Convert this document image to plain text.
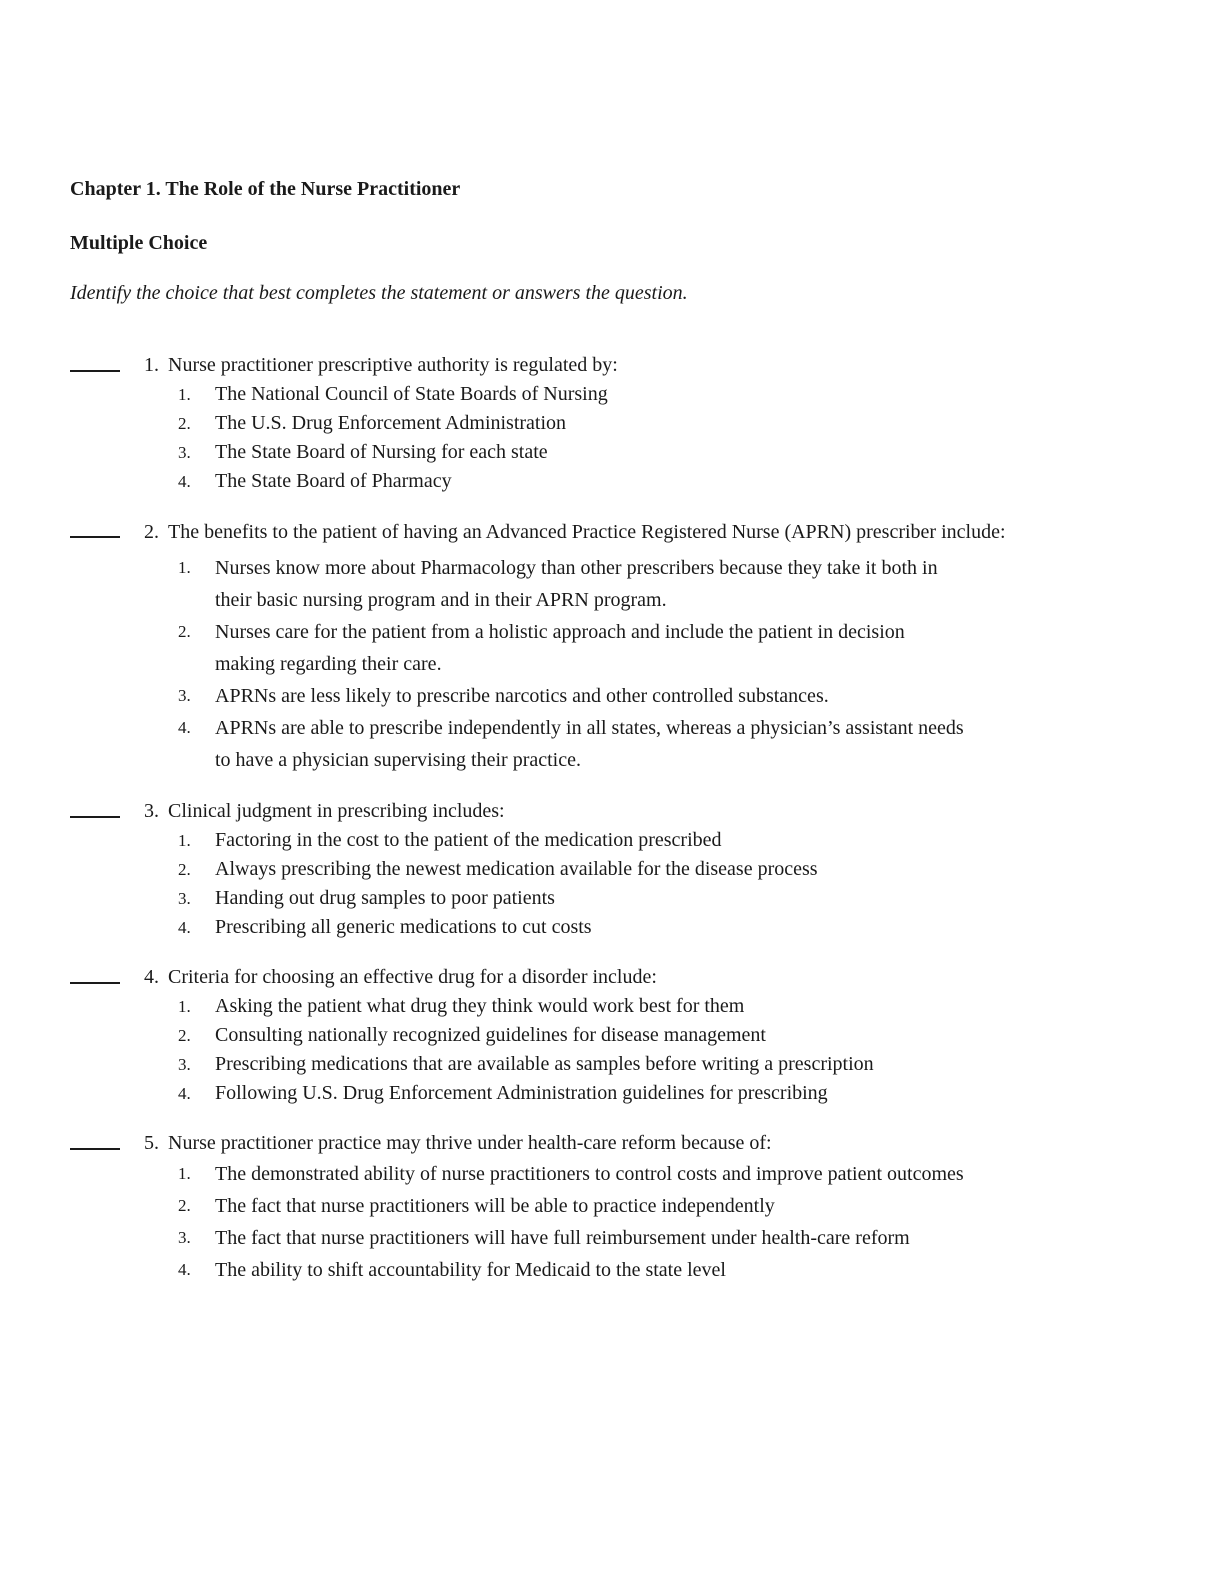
Chapter 1. The Role of the Nurse Practitioner
Multiple Choice

Identify the choice that best completes the statement or answers the question.

1. Nurse practitioner prescriptive authority is regulated by:
1.	The National Council of State Boards of Nursing
2.	The U.S. Drug Enforcement Administration
3.	The State Board of Nursing for each state
4.	The State Board of Pharmacy
2. The benefits to the patient of having an Advanced Practice Registered Nurse (APRN) prescriber include:
1.	Nurses know more about Pharmacology than other prescribers because they take it both in their basic nursing program and in their APRN program.
2.	Nurses care for the patient from a holistic approach and include the patient in decision making regarding their care.
3.	APRNs are less likely to prescribe narcotics and other controlled substances.
4.	APRNs are able to prescribe independently in all states, whereas a physician’s assistant needs to have a physician supervising their practice.
3. Clinical judgment in prescribing includes:
1.	Factoring in the cost to the patient of the medication prescribed
2.	Always prescribing the newest medication available for the disease process
3.	Handing out drug samples to poor patients
4.	Prescribing all generic medications to cut costs
4. Criteria for choosing an effective drug for a disorder include:
1.	Asking the patient what drug they think would work best for them
2.	Consulting nationally recognized guidelines for disease management
3.	Prescribing medications that are available as samples before writing a prescription
4.	Following U.S. Drug Enforcement Administration guidelines for prescribing
5. Nurse practitioner practice may thrive under health-care reform because of:
1.	The demonstrated ability of nurse practitioners to control costs and improve patient outcomes
2.	The fact that nurse practitioners will be able to practice independently
3.	The fact that nurse practitioners will have full reimbursement under health-care reform
4.	The ability to shift accountability for Medicaid to the state level
